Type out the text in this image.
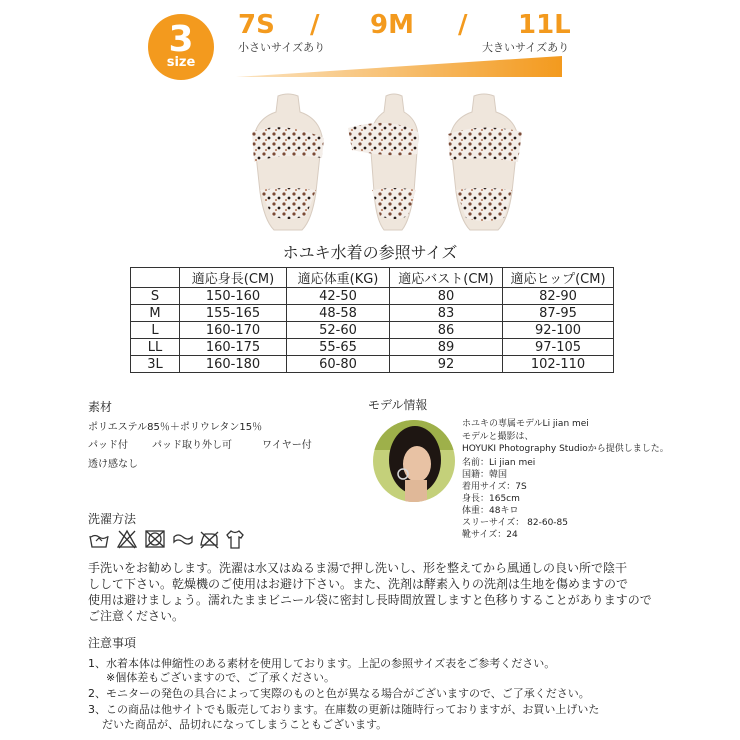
3
size
7S / 9M / 11L
小さいサイズあり	大きいサイズあり
ホユキ水着の参照サイズ
	適応身長(CM)	適応体重(KG)	適応バスト(CM)	適応ヒップ(CM)
S	150-160	42-50	80	82-90
M	155-165	48-58	83	87-95
L	160-170	52-60	86	92-100
LL	160-175	55-65	89	97-105
3L	160-180	60-80	92	102-110
素材
ポリエステル85％＋ポリウレタン15％
パッド付 パッド取り外し可	ワイヤー付
透け感なし
モデル情報
ホユキの専属モデルLi jian mei
モデルと撮影は、
HOYUKI Photography Studioから提供しました。
名前：Li jian mei
国籍：韓国
着用サイズ：7S
身長：165cm
体重：48キロ
スリーサイズ： 82-60-85
靴サイズ：24
洗濯方法
手洗いをお勧めします。洗濯は水又はぬるま湯で押し洗いし、形を整えてから風通しの良い所で陰干
しして下さい。乾燥機のご使用はお避け下さい。また、洗剤は酵素入りの洗剤は生地を傷めますので
使用は避けましょう。濡れたままビニール袋に密封し長時間放置しますと色移りすることがありますので
ご注意ください。
注意事項
1、水着本体は伸縮性のある素材を使用しております。上記の参照サイズ表をご参考ください。
※個体差もございますので、ご了承ください。
2、モニターの発色の具合によって実際のものと色が異なる場合がございますので、ご了承ください。
3、この商品は他サイトでも販売しております。在庫数の更新は随時行っておりますが、お買い上げいた
だいた商品が、品切れになってしまうこともございます。
